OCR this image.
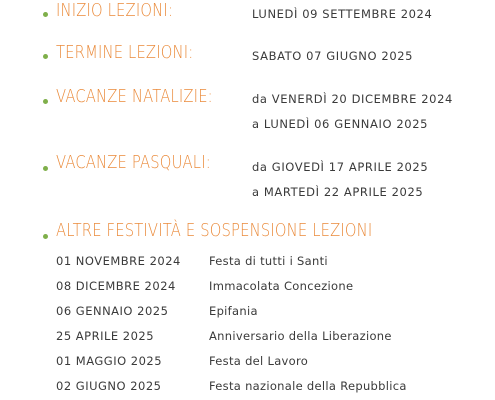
INIZIO LEZIONI:	LUNEDÌ 09 SETTEMBRE 2024
TERMINE LEZIONI:	SABATO 07 GIUGNO 2025
VACANZE NATALIZIE:	da VENERDÌ 20 DICEMBRE 2024
a LUNEDÌ 06 GENNAIO 2025
VACANZE PASQUALI:	da GIOVEDÌ 17 APRILE 2025
a MARTEDÌ 22 APRILE 2025
ALTRE FESTIVITÀ E SOSPENSIONE LEZIONI
01 NOVEMBRE 2024 Festa di tutti i Santi
08 DICEMBRE 2024	Immacolata Concezione
06 GENNAIO 2025	Epifania
25 APRILE 2025	Anniversario della Liberazione
01 MAGGIO 2025	Festa del Lavoro
02 GIUGNO 2025	Festa nazionale della Repubblica
